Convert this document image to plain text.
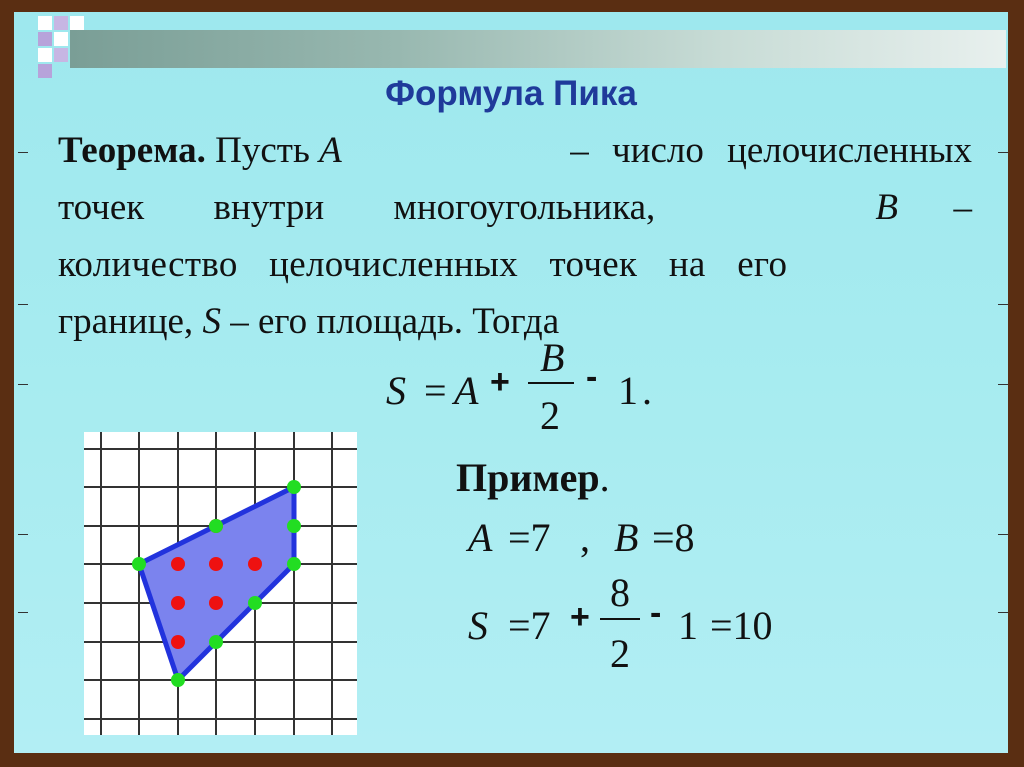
Формула Пика
Теорема. Пусть A	– число целочисленных
точек внутри многоугольника,	B –
количество целочисленных точек на его
границе, S – его площадь. Тогда
S = A +
B
2
- 1 .
Пример.
A =7 , B =8
S =7 +
8
2
- 1 =10
